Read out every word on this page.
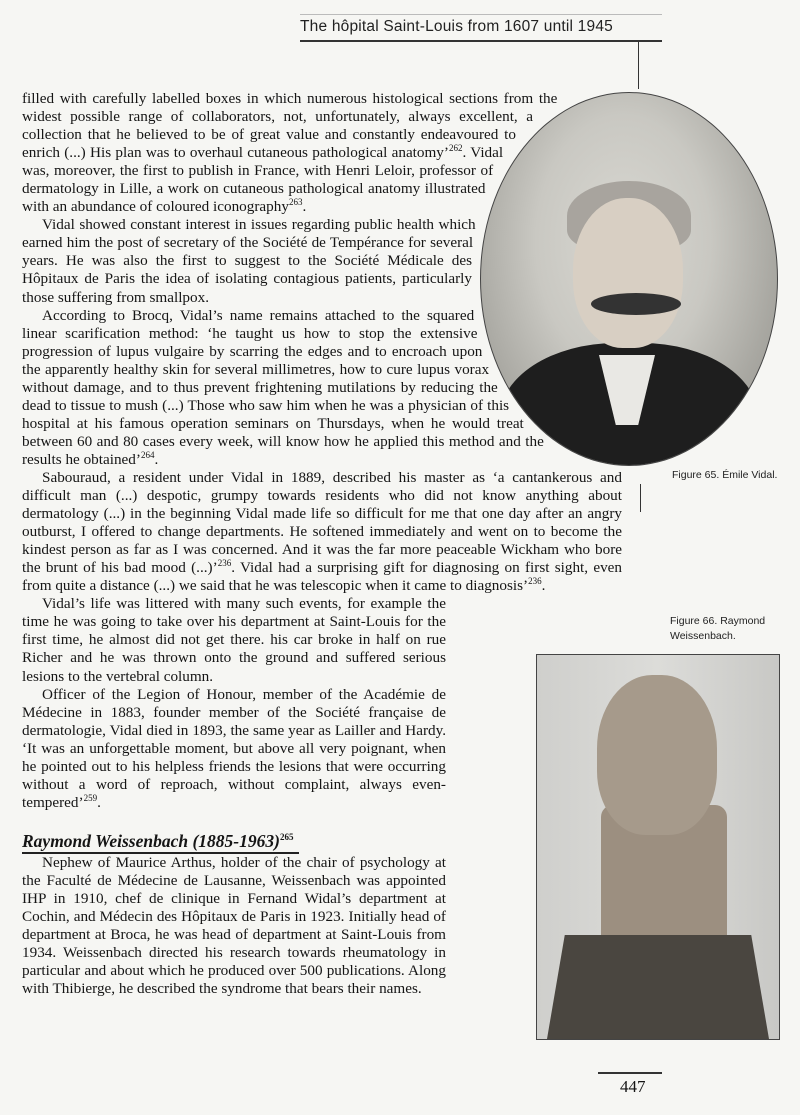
The hôpital Saint-Louis from 1607 until 1945
Figure 65. Émile Vidal.
Figure 66. Raymond Weissenbach.

filled with carefully labelled boxes in which numerous histological sections from the widest possible range of collaborators, not, unfortunately, always excellent, a collection that he believed to be of great value and constantly endeavoured to enrich (...) His plan was to overhaul cutaneous pathological anatomy’$^{262}$. Vidal was, moreover, the first to publish in France, with Henri Leloir, professor of dermatology in Lille, a work on cutaneous pathological anatomy illustrated with an abundance of coloured iconography$^{263}$.

Vidal showed constant interest in issues regarding public health which earned him the post of secretary of the Société de Tempérance for several years. He was also the first to suggest to the Société Médicale des Hôpitaux de Paris the idea of isolating contagious patients, particularly those suffering from smallpox.

According to Brocq, Vidal’s name remains attached to the squared linear scarification method: ‘he taught us how to stop the extensive progression of lupus vulgaire by scarring the edges and to encroach upon the apparently healthy skin for several millimetres, how to cure lupus vorax without damage, and to thus prevent frightening mutilations by reducing the dead to tissue to mush (...) Those who saw him when he was a physician of this hospital at his famous operation seminars on Thursdays, when he would treat between 60 and 80 cases every week, will know how he applied this method and the results he obtained’$^{264}$.

Sabouraud, a resident under Vidal in 1889, described his master as ‘a cantankerous and difficult man (...) despotic, grumpy towards residents who did not know anything about dermatology (...) in the beginning Vidal made life so difficult for me that one day after an angry outburst, I offered to change departments. He softened immediately and went on to become the kindest person as far as I was concerned. And it was the far more peaceable Wickham who bore the brunt of his bad mood (...)’$^{236}$. Vidal had a surprising gift for diagnosing on first sight, even from quite a distance (...) we said that he was telescopic when it came to diagnosis’$^{236}$.

Vidal’s life was littered with many such events, for example the time he was going to take over his department at Saint-Louis for the first time, he almost did not get there. his car broke in half on rue Richer and he was thrown onto the ground and suffered serious lesions to the vertebral column.

Officer of the Legion of Honour, member of the Académie de Médecine in 1883, founder member of the Société française de dermatologie, Vidal died in 1893, the same year as Lailler and Hardy. ‘It was an unforgettable moment, but above all very poignant, when he pointed out to his helpless friends the lesions that were occurring without a word of reproach, without complaint, always even-tempered’$^{259}$.

Raymond Weissenbach (1885-1963)$^{265}$

Nephew of Maurice Arthus, holder of the chair of psychology at the Faculté de Médecine de Lausanne, Weissenbach was appointed IHP in 1910, chef de clinique in Fernand Widal’s department at Cochin, and Médecin des Hôpitaux de Paris in 1923. Initially head of department at Broca, he was head of department at Saint-Louis from 1934. Weissenbach directed his research towards rheumatology in particular and about which he produced over 500 publications. Along with Thibierge, he described the syndrome that bears their names.

447
